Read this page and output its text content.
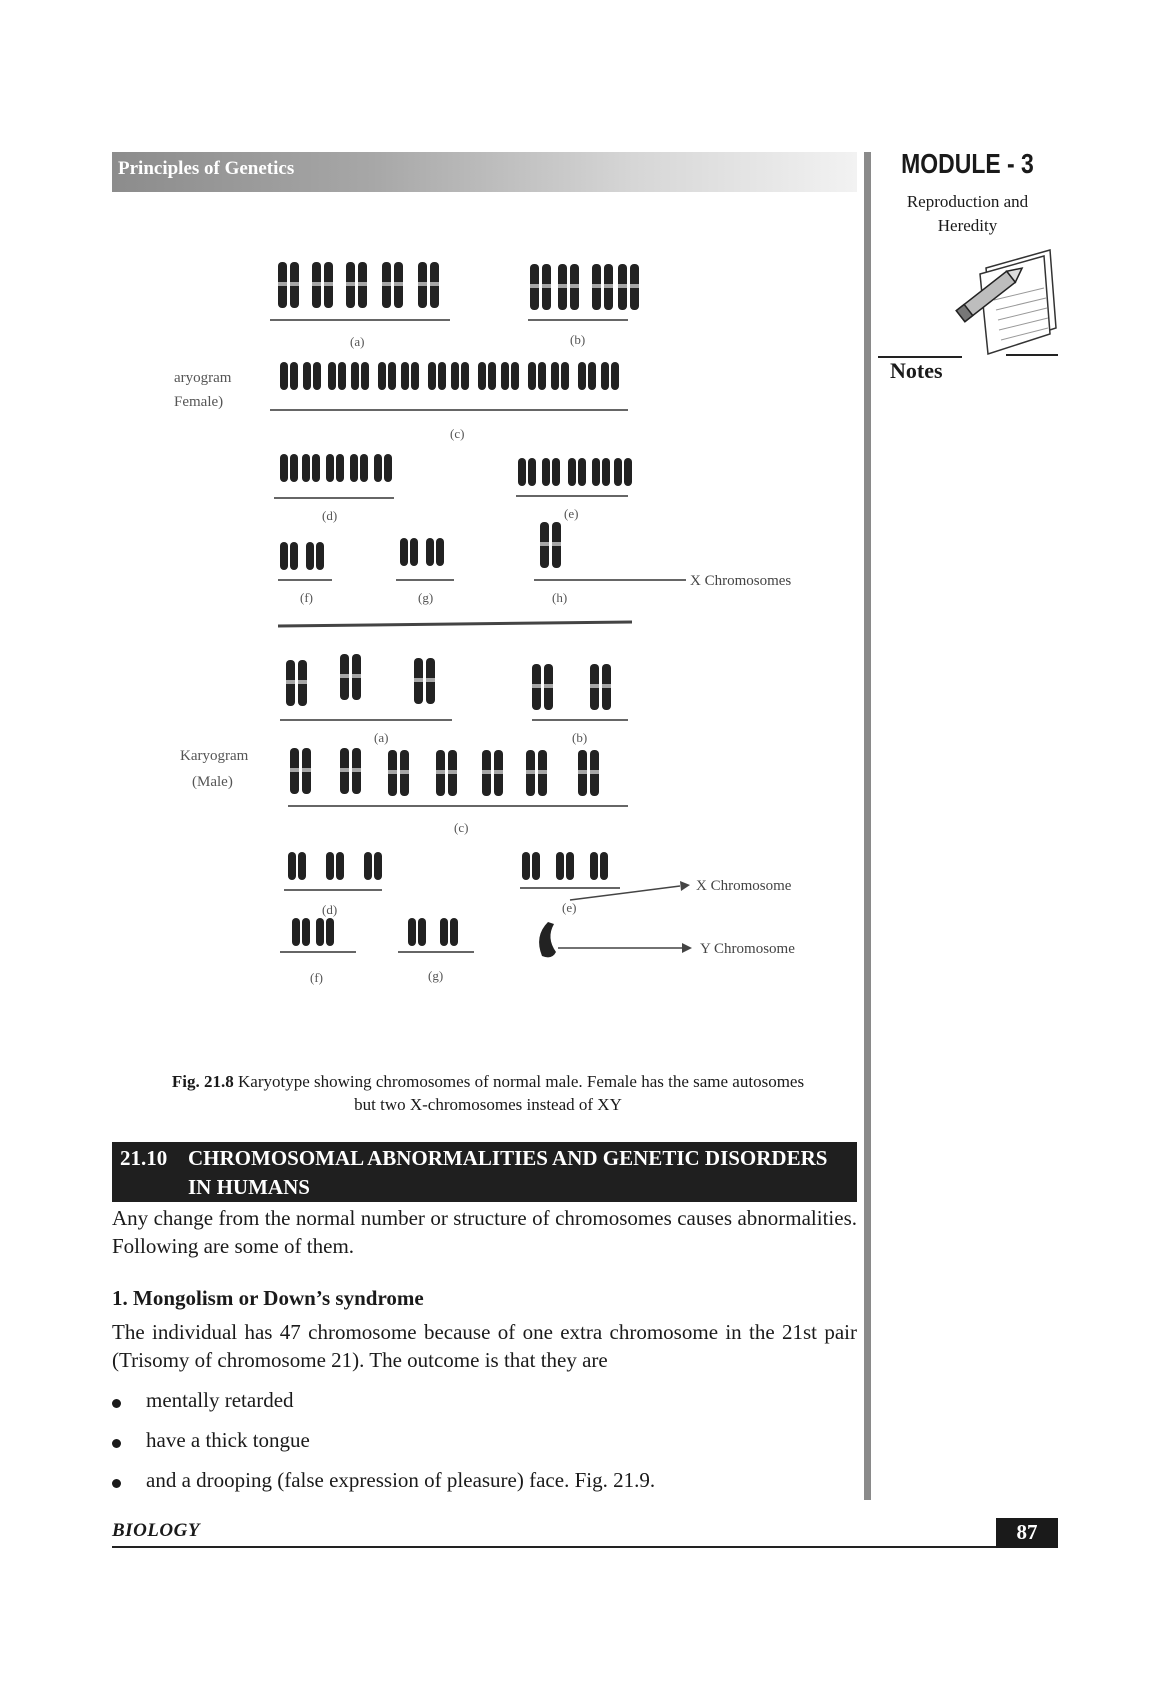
Principles of Genetics	MODULE - 3
Reproduction and
Heredity
Notes
aryogram
Female)
(a)	(b)
(c)
(d)	(e)
(f)	(g)	(h)
X Chromosomes
Karyogram
(Male)
(a)	(b)
(c)
(d)	(e)
X Chromosome
(f)	(g)
Y Chromosome
Fig. 21.8 Karyotype showing chromosomes of normal male. Female has the same autosomes
but two X-chromosomes instead of XY
21.10 CHROMOSOMAL ABNORMALITIES AND GENETIC DISORDERS IN HUMANS
Any change from the normal number or structure of chromosomes causes abnormalities. Following are some of them.
1. Mongolism or Down’s syndrome
The individual has 47 chromosome because of one extra chromosome in the 21st pair (Trisomy of chromosome 21). The outcome is that they are
mentally retarded
have a thick tongue
and a drooping (false expression of pleasure) face. Fig. 21.9.
BIOLOGY	87
